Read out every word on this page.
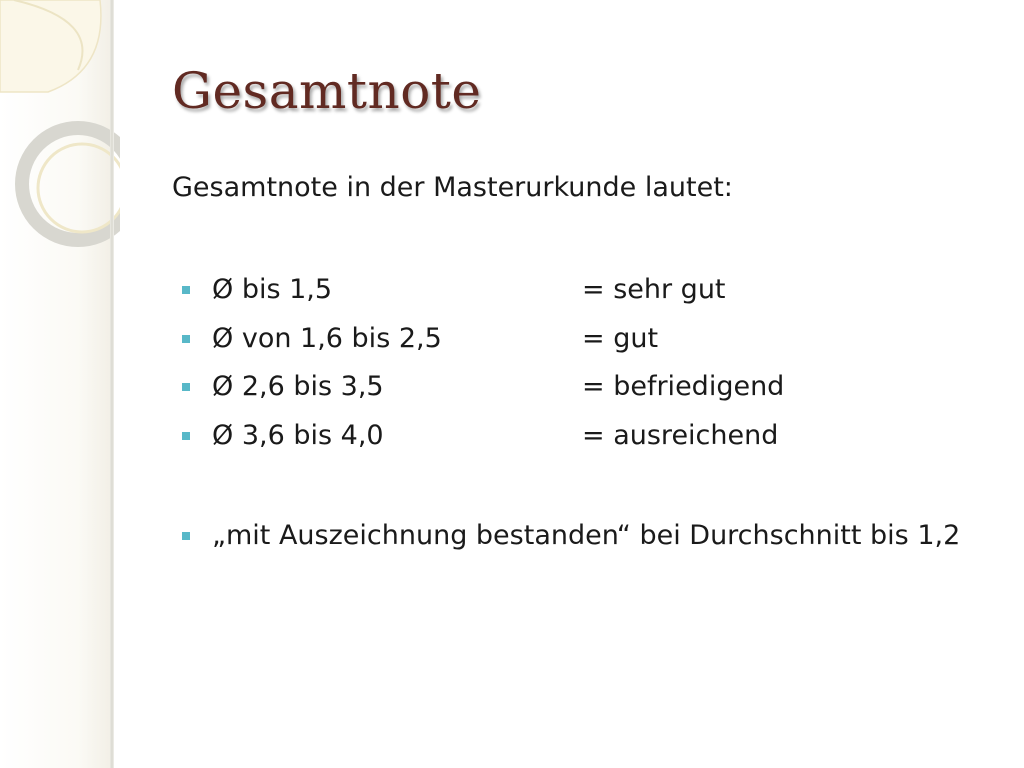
Gesamtnote
Gesamtnote in der Masterurkunde lautet:
Ø bis 1,5	= sehr gut
Ø von 1,6 bis 2,5	= gut
Ø 2,6 bis 3,5	= befriedigend
Ø 3,6 bis 4,0	= ausreichend
„mit Auszeichnung bestanden“ bei Durchschnitt bis 1,2
